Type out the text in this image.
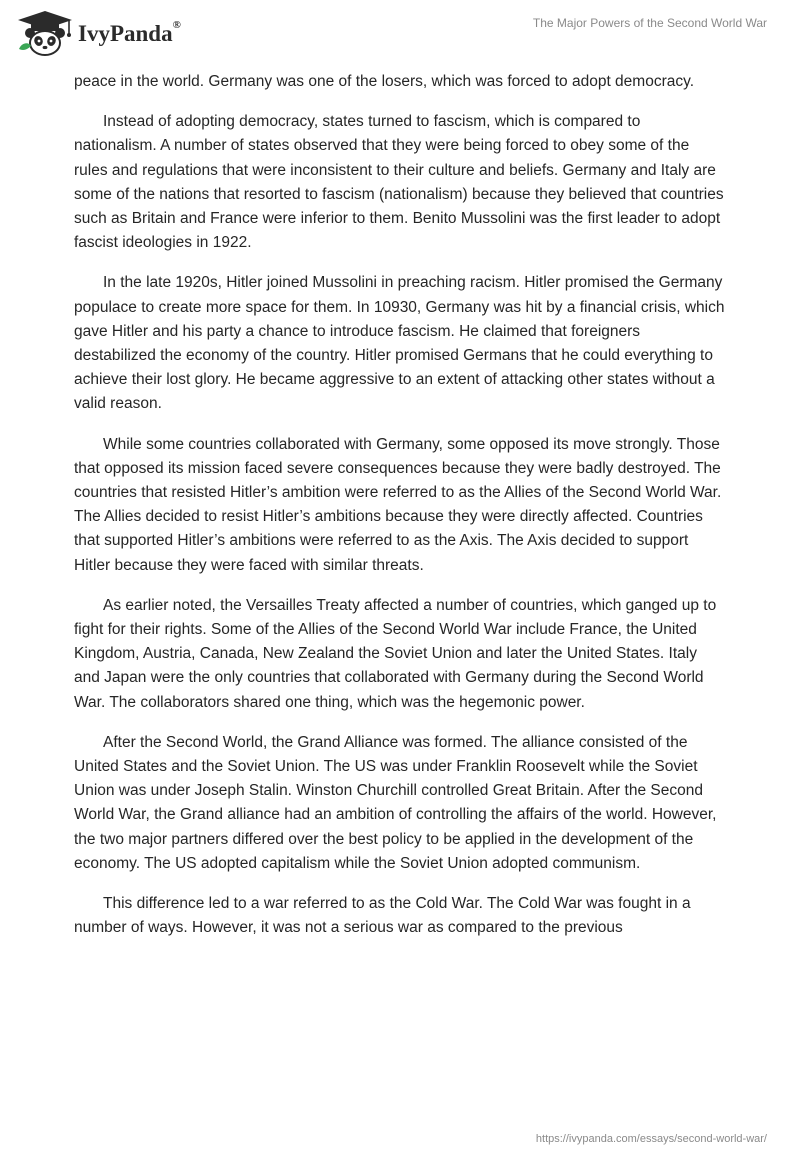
IvyPanda®	The Major Powers of the Second World War

peace in the world. Germany was one of the losers, which was forced to adopt democracy.

Instead of adopting democracy, states turned to fascism, which is compared to nationalism. A number of states observed that they were being forced to obey some of the rules and regulations that were inconsistent to their culture and beliefs. Germany and Italy are some of the nations that resorted to fascism (nationalism) because they believed that countries such as Britain and France were inferior to them. Benito Mussolini was the first leader to adopt fascist ideologies in 1922.

In the late 1920s, Hitler joined Mussolini in preaching racism. Hitler promised the Germany populace to create more space for them. In 10930, Germany was hit by a financial crisis, which gave Hitler and his party a chance to introduce fascism. He claimed that foreigners destabilized the economy of the country. Hitler promised Germans that he could everything to achieve their lost glory. He became aggressive to an extent of attacking other states without a valid reason.

While some countries collaborated with Germany, some opposed its move strongly. Those that opposed its mission faced severe consequences because they were badly destroyed. The countries that resisted Hitler’s ambition were referred to as the Allies of the Second World War. The Allies decided to resist Hitler’s ambitions because they were directly affected. Countries that supported Hitler’s ambitions were referred to as the Axis. The Axis decided to support Hitler because they were faced with similar threats.

As earlier noted, the Versailles Treaty affected a number of countries, which ganged up to fight for their rights. Some of the Allies of the Second World War include France, the United Kingdom, Austria, Canada, New Zealand the Soviet Union and later the United States. Italy and Japan were the only countries that collaborated with Germany during the Second World War. The collaborators shared one thing, which was the hegemonic power.

After the Second World, the Grand Alliance was formed. The alliance consisted of the United States and the Soviet Union. The US was under Franklin Roosevelt while the Soviet Union was under Joseph Stalin. Winston Churchill controlled Great Britain. After the Second World War, the Grand alliance had an ambition of controlling the affairs of the world. However, the two major partners differed over the best policy to be applied in the development of the economy. The US adopted capitalism while the Soviet Union adopted communism.

This difference led to a war referred to as the Cold War. The Cold War was fought in a number of ways. However, it was not a serious war as compared to the previous

https://ivypanda.com/essays/second-world-war/
